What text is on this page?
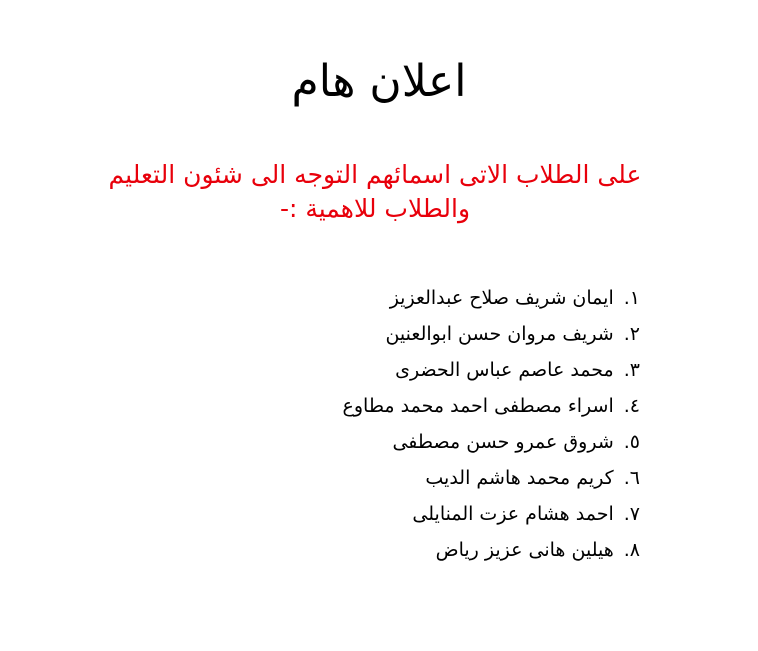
اعلان هام
على الطلاب الاتى اسمائهم التوجه الى شئون التعليم
والطلاب للاهمية :-
١.
ايمان شريف صلاح عبدالعزيز
٢.
شريف مروان حسن ابوالعنين
٣.
محمد عاصم عباس الحضرى
٤.
اسراء مصطفى احمد محمد مطاوع
٥.
شروق عمرو حسن مصطفى
٦.
كريم محمد هاشم الديب
٧.
احمد هشام عزت المنايلى
٨.
هيلين هانى عزيز رياض
